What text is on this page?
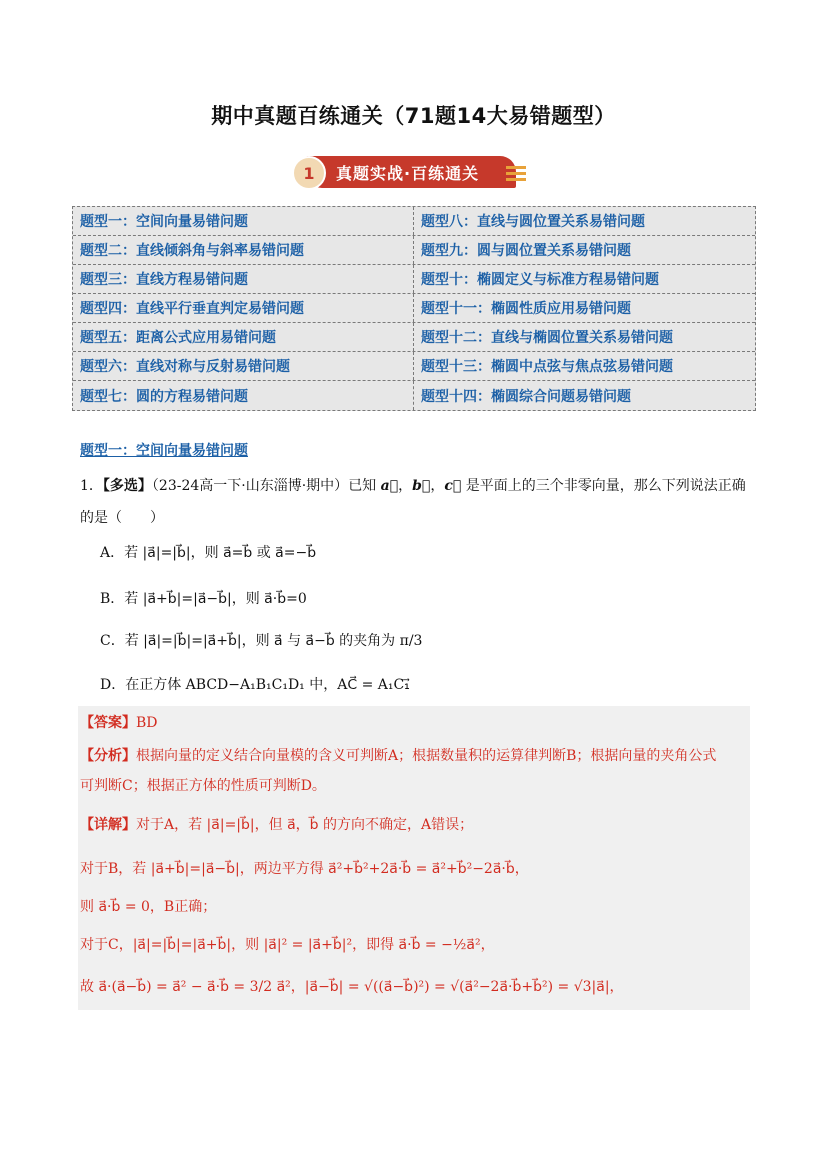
期中真题百练通关（71题14大易错题型）
1	真题实战·百练通关
题型一：空间向量易错问题	题型八：直线与圆位置关系易错问题
题型二：直线倾斜角与斜率易错问题	题型九：圆与圆位置关系易错问题
题型三：直线方程易错问题	题型十：椭圆定义与标准方程易错问题
题型四：直线平行垂直判定易错问题	题型十一：椭圆性质应用易错问题
题型五：距离公式应用易错问题	题型十二：直线与椭圆位置关系易错问题
题型六：直线对称与反射易错问题	题型十三：椭圆中点弦与焦点弦易错问题
题型七：圆的方程易错问题	题型十四：椭圆综合问题易错问题
题型一：空间向量易错问题
1．【多选】（23-24高一下·山东淄博·期中）已知 a⃗，b⃗，c⃗ 是平面上的三个非零向量，那么下列说法正确
的是（　　）
A．若 |a⃗|=|b⃗|，则 a⃗=b⃗ 或 a⃗=−b⃗
B．若 |a⃗+b⃗|=|a⃗−b⃗|，则 a⃗·b⃗=0
C．若 |a⃗|=|b⃗|=|a⃗+b⃗|，则 a⃗ 与 a⃗−b⃗ 的夹角为 π/3
D．在正方体 ABCD−A₁B₁C₁D₁ 中，AC⃗ = A₁C₁⃗
【答案】BD
【分析】根据向量的定义结合向量模的含义可判断A；根据数量积的运算律判断B；根据向量的夹角公式
可判断C；根据正方体的性质可判断D。
【详解】对于A，若 |a⃗|=|b⃗|，但 a⃗，b⃗ 的方向不确定，A错误；
对于B，若 |a⃗+b⃗|=|a⃗−b⃗|，两边平方得 a⃗²+b⃗²+2a⃗·b⃗ = a⃗²+b⃗²−2a⃗·b⃗，
则 a⃗·b⃗ = 0，B正确；
对于C，|a⃗|=|b⃗|=|a⃗+b⃗|，则 |a⃗|² = |a⃗+b⃗|²，即得 a⃗·b⃗ = −½a⃗²，
故 a⃗·(a⃗−b⃗) = a⃗² − a⃗·b⃗ = 3/2 a⃗²，|a⃗−b⃗| = √((a⃗−b⃗)²) = √(a⃗²−2a⃗·b⃗+b⃗²) = √3|a⃗|，
